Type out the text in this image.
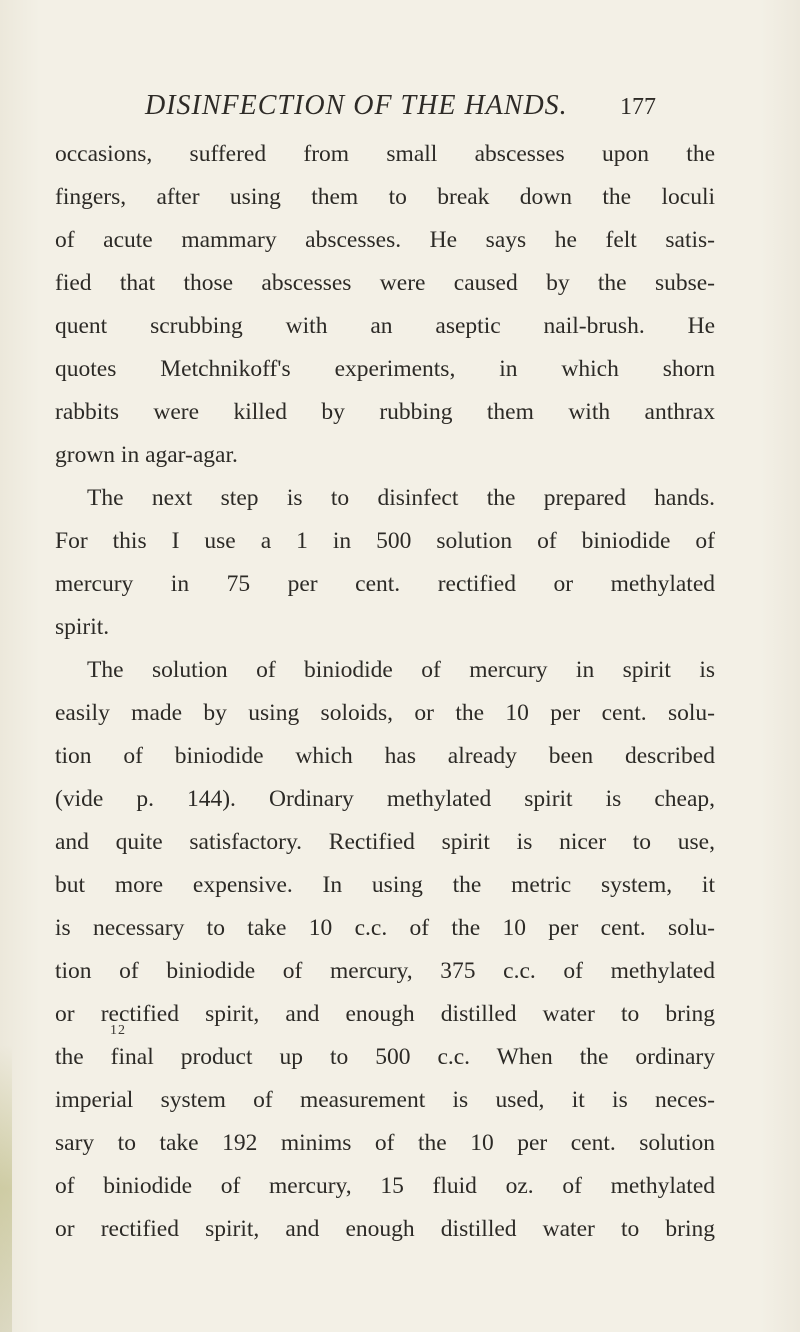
DISINFECTION OF THE HANDS. 177
occasions, suffered from small abscesses upon the
fingers, after using them to break down the loculi
of acute mammary abscesses. He says he felt satis-
fied that those abscesses were caused by the subse-
quent scrubbing with an aseptic nail-brush. He
quotes Metchnikoff's experiments, in which shorn
rabbits were killed by rubbing them with anthrax
grown in agar-agar.
The next step is to disinfect the prepared hands.
For this I use a 1 in 500 solution of biniodide of
mercury in 75 per cent. rectified or methylated
spirit.
The solution of biniodide of mercury in spirit is
easily made by using soloids, or the 10 per cent. solu-
tion of biniodide which has already been described
(vide p. 144). Ordinary methylated spirit is cheap,
and quite satisfactory. Rectified spirit is nicer to use,
but more expensive. In using the metric system, it
is necessary to take 10 c.c. of the 10 per cent. solu-
tion of biniodide of mercury, 375 c.c. of methylated
or rectified spirit, and enough distilled water to bring
the final product up to 500 c.c. When the ordinary
imperial system of measurement is used, it is neces-
sary to take 192 minims of the 10 per cent. solution
of biniodide of mercury, 15 fluid oz. of methylated
or rectified spirit, and enough distilled water to bring
12
